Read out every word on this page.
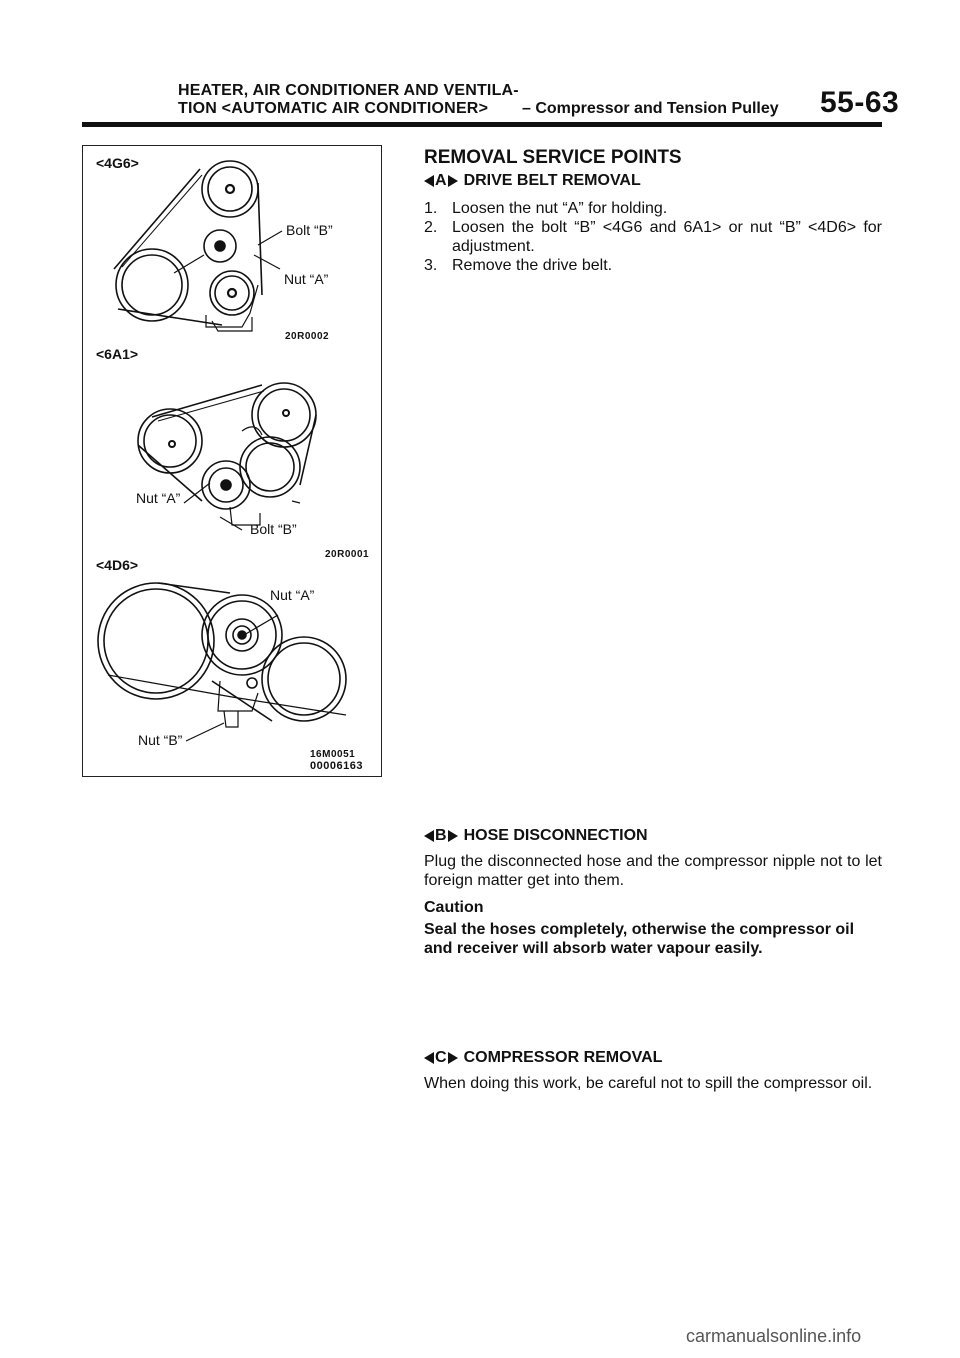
HEATER, AIR CONDITIONER AND VENTILA-
TION <AUTOMATIC AIR CONDITIONER> – Compressor and Tension Pulley 55-63
<4G6>
Bolt “B”
Nut “A”
20R0002
<6A1>
Nut “A”
Bolt “B”
20R0001
<4D6>
Nut “A”
Nut “B”
16M0051
00006163
REMOVAL SERVICE POINTS
A DRIVE BELT REMOVAL
1. Loosen the nut “A” for holding.
2. Loosen the bolt “B” <4G6 and 6A1> or nut “B” <4D6> for adjustment.
3. Remove the drive belt.
B HOSE DISCONNECTION
Plug the disconnected hose and the compressor nipple not to let foreign matter get into them.
Caution
Seal the hoses completely, otherwise the compressor oil and receiver will absorb water vapour easily.
C COMPRESSOR REMOVAL
When doing this work, be careful not to spill the compressor oil.
carmanualsonline.info
